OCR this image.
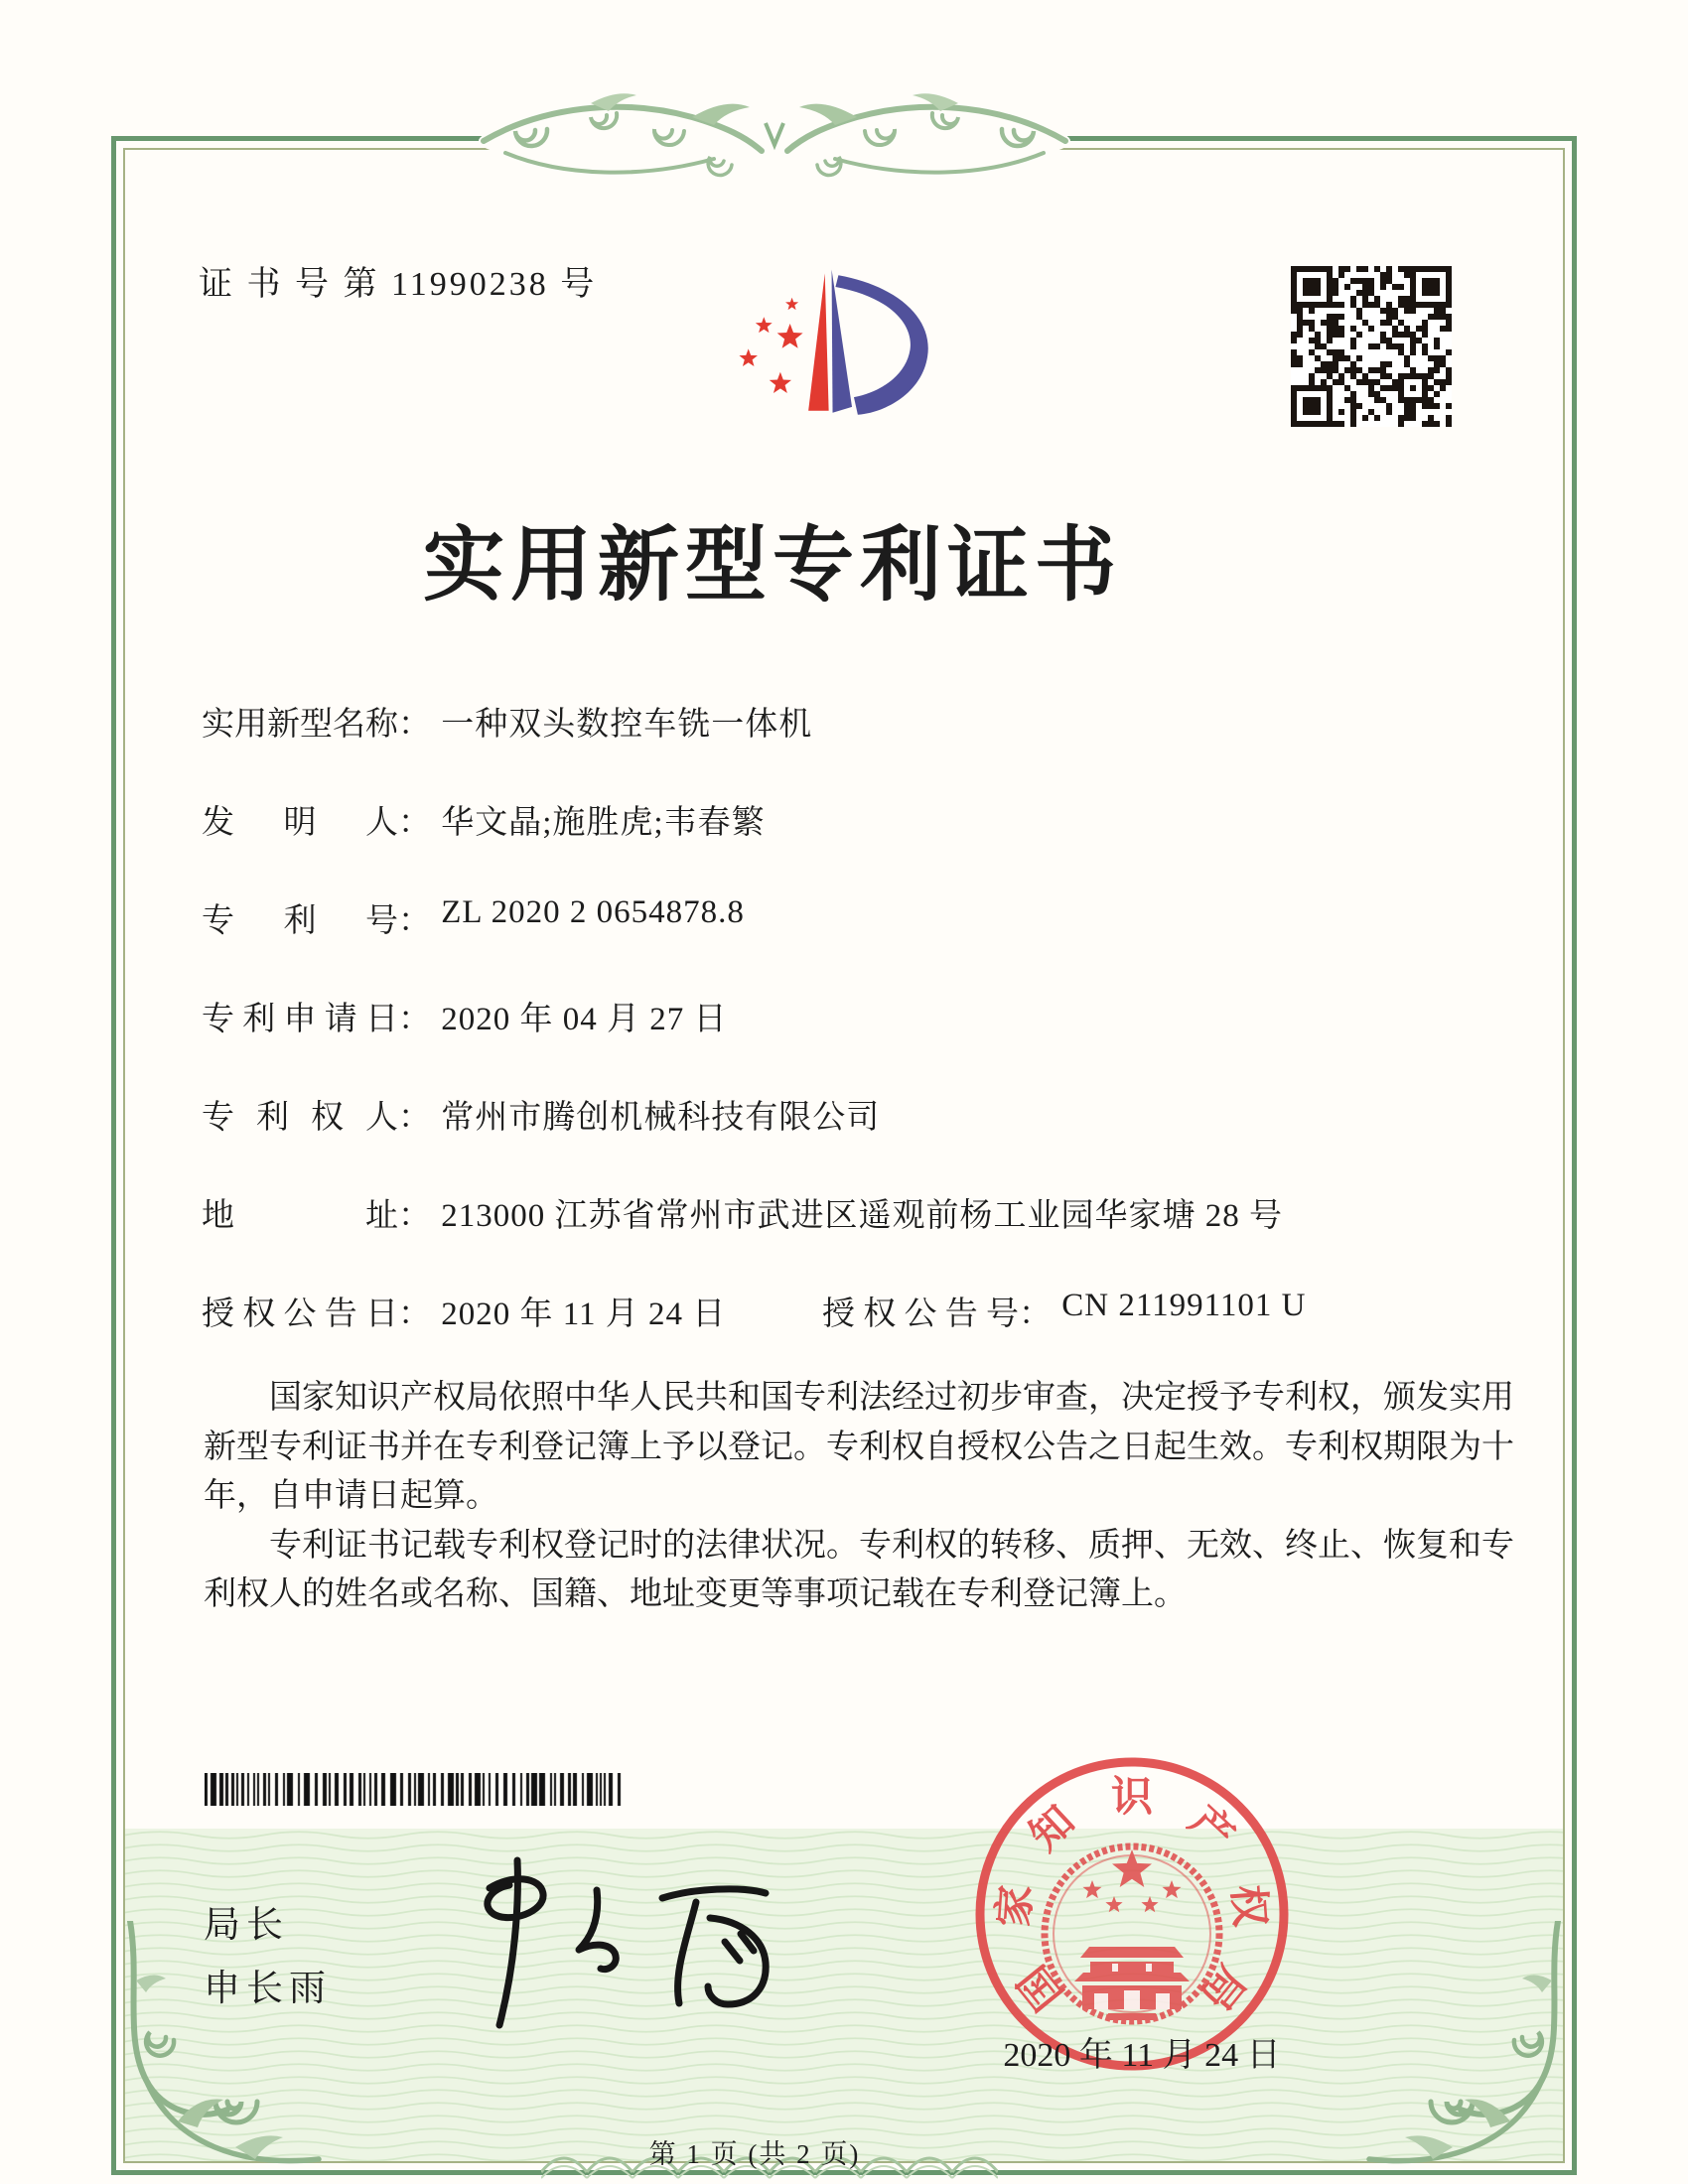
证 书 号 第 11990238 号
实用新型专利证书
实用新型名称： 一种双头数控车铣一体机
发明人： 华文晶;施胜虎;韦春繁
专利号： ZL 2020 2 0654878.8
专利申请日： 2020 年 04 月 27 日
专利权人： 常州市腾创机械科技有限公司
地址： 213000 江苏省常州市武进区遥观前杨工业园华家塘 28 号
授权公告日： 2020 年 11 月 24 日	授权公告号： CN 211991101 U

国家知识产权局依照中华人民共和国专利法经过初步审查，决定授予专利权，颁发实用新型专利证书并在专利登记簿上予以登记。专利权自授权公告之日起生效。专利权期限为十年，自申请日起算。

专利证书记载专利权登记时的法律状况。专利权的转移、质押、无效、终止、恢复和专利权人的姓名或名称、国籍、地址变更等事项记载在专利登记簿上。

局长
申长雨	国
家
知
识
产
权
局
2020 年 11 月 24 日
第 1 页 (共 2 页)
